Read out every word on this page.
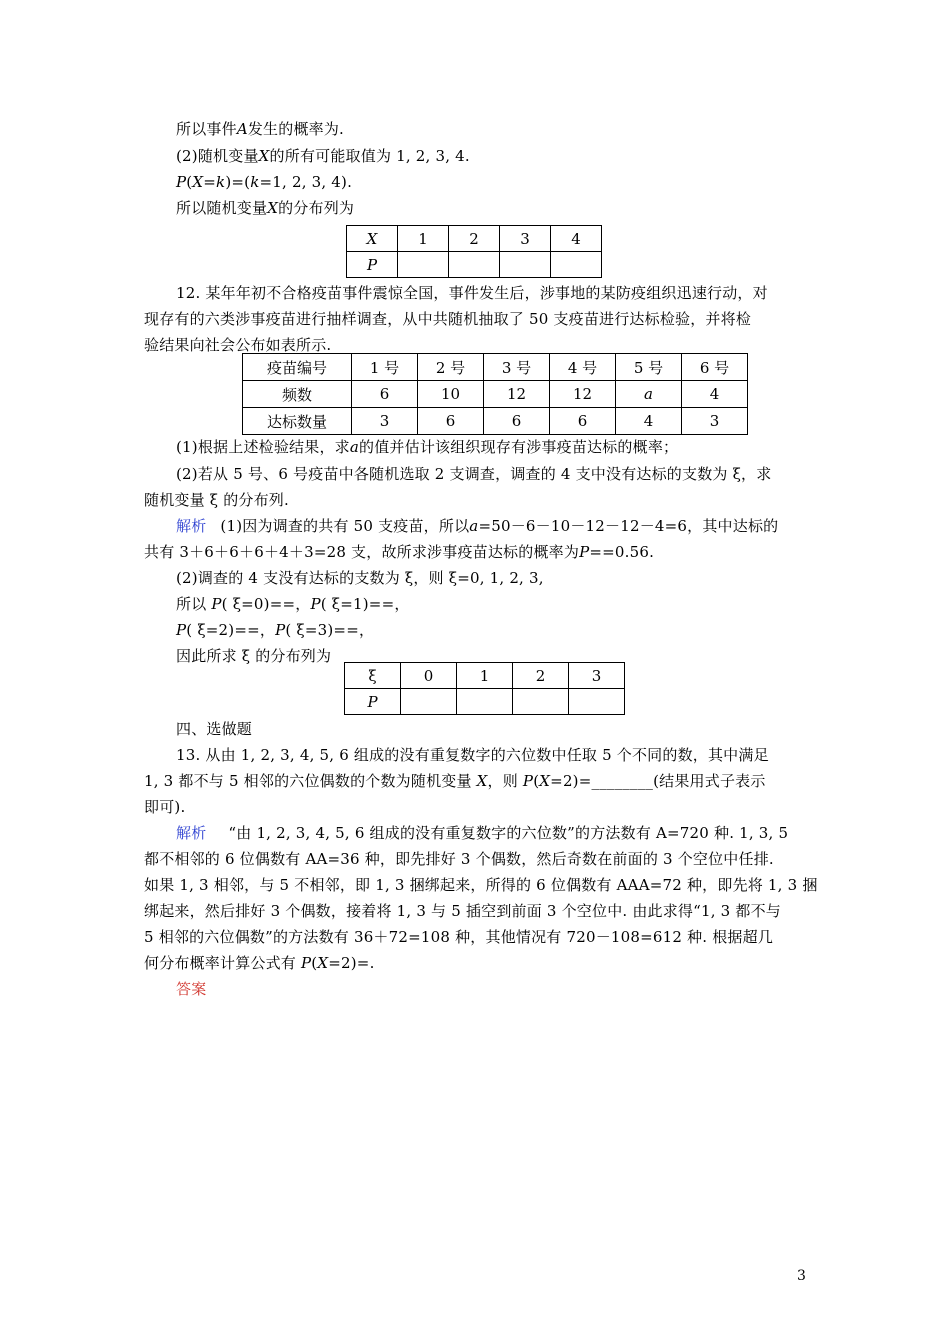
所以事件A发生的概率为.
(2)随机变量X的所有可能取值为 1, 2, 3, 4.
P(X=k)=(k=1, 2, 3, 4).
所以随机变量X的分布列为
X	1	2	3	4
P				
12. 某年年初不合格疫苗事件震惊全国，事件发生后，涉事地的某防疫组织迅速行动，对
现存有的六类涉事疫苗进行抽样调查，从中共随机抽取了 50 支疫苗进行达标检验，并将检
验结果向社会公布如表所示.
疫苗编号	1 号	2 号	3 号	4 号	5 号	6 号
频数	6	10	12	12	a	4
达标数量	3	6	6	6	4	3
(1)根据上述检验结果，求a的值并估计该组织现存有涉事疫苗达标的概率；
(2)若从 5 号、6 号疫苗中各随机选取 2 支调查，调查的 4 支中没有达标的支数为 ξ，求
随机变量 ξ 的分布列.
解析 (1)因为调查的共有 50 支疫苗，所以a=50－6－10－12－12－4=6，其中达标的
共有 3＋6＋6＋6＋4＋3=28 支，故所求涉事疫苗达标的概率为P==0.56.
(2)调查的 4 支没有达标的支数为 ξ，则 ξ=0, 1, 2, 3,
所以 P( ξ=0)==，P( ξ=1)==，
P( ξ=2)==，P( ξ=3)==，
因此所求 ξ 的分布列为
ξ	0	1	2	3
P				
四、选做题
13. 从由 1, 2, 3, 4, 5, 6 组成的没有重复数字的六位数中任取 5 个不同的数，其中满足
1, 3 都不与 5 相邻的六位偶数的个数为随机变量 X，则 P(X=2)=________(结果用式子表示
即可).
解析 “由 1, 2, 3, 4, 5, 6 组成的没有重复数字的六位数”的方法数有 A=720 种. 1, 3, 5
都不相邻的 6 位偶数有 AA=36 种，即先排好 3 个偶数，然后奇数在前面的 3 个空位中任排.
如果 1, 3 相邻，与 5 不相邻，即 1, 3 捆绑起来，所得的 6 位偶数有 AAA=72 种，即先将 1, 3 捆
绑起来，然后排好 3 个偶数，接着将 1, 3 与 5 插空到前面 3 个空位中. 由此求得“1, 3 都不与
5 相邻的六位偶数”的方法数有 36＋72=108 种，其他情况有 720－108=612 种. 根据超几
何分布概率计算公式有 P(X=2)=.
答案
3
